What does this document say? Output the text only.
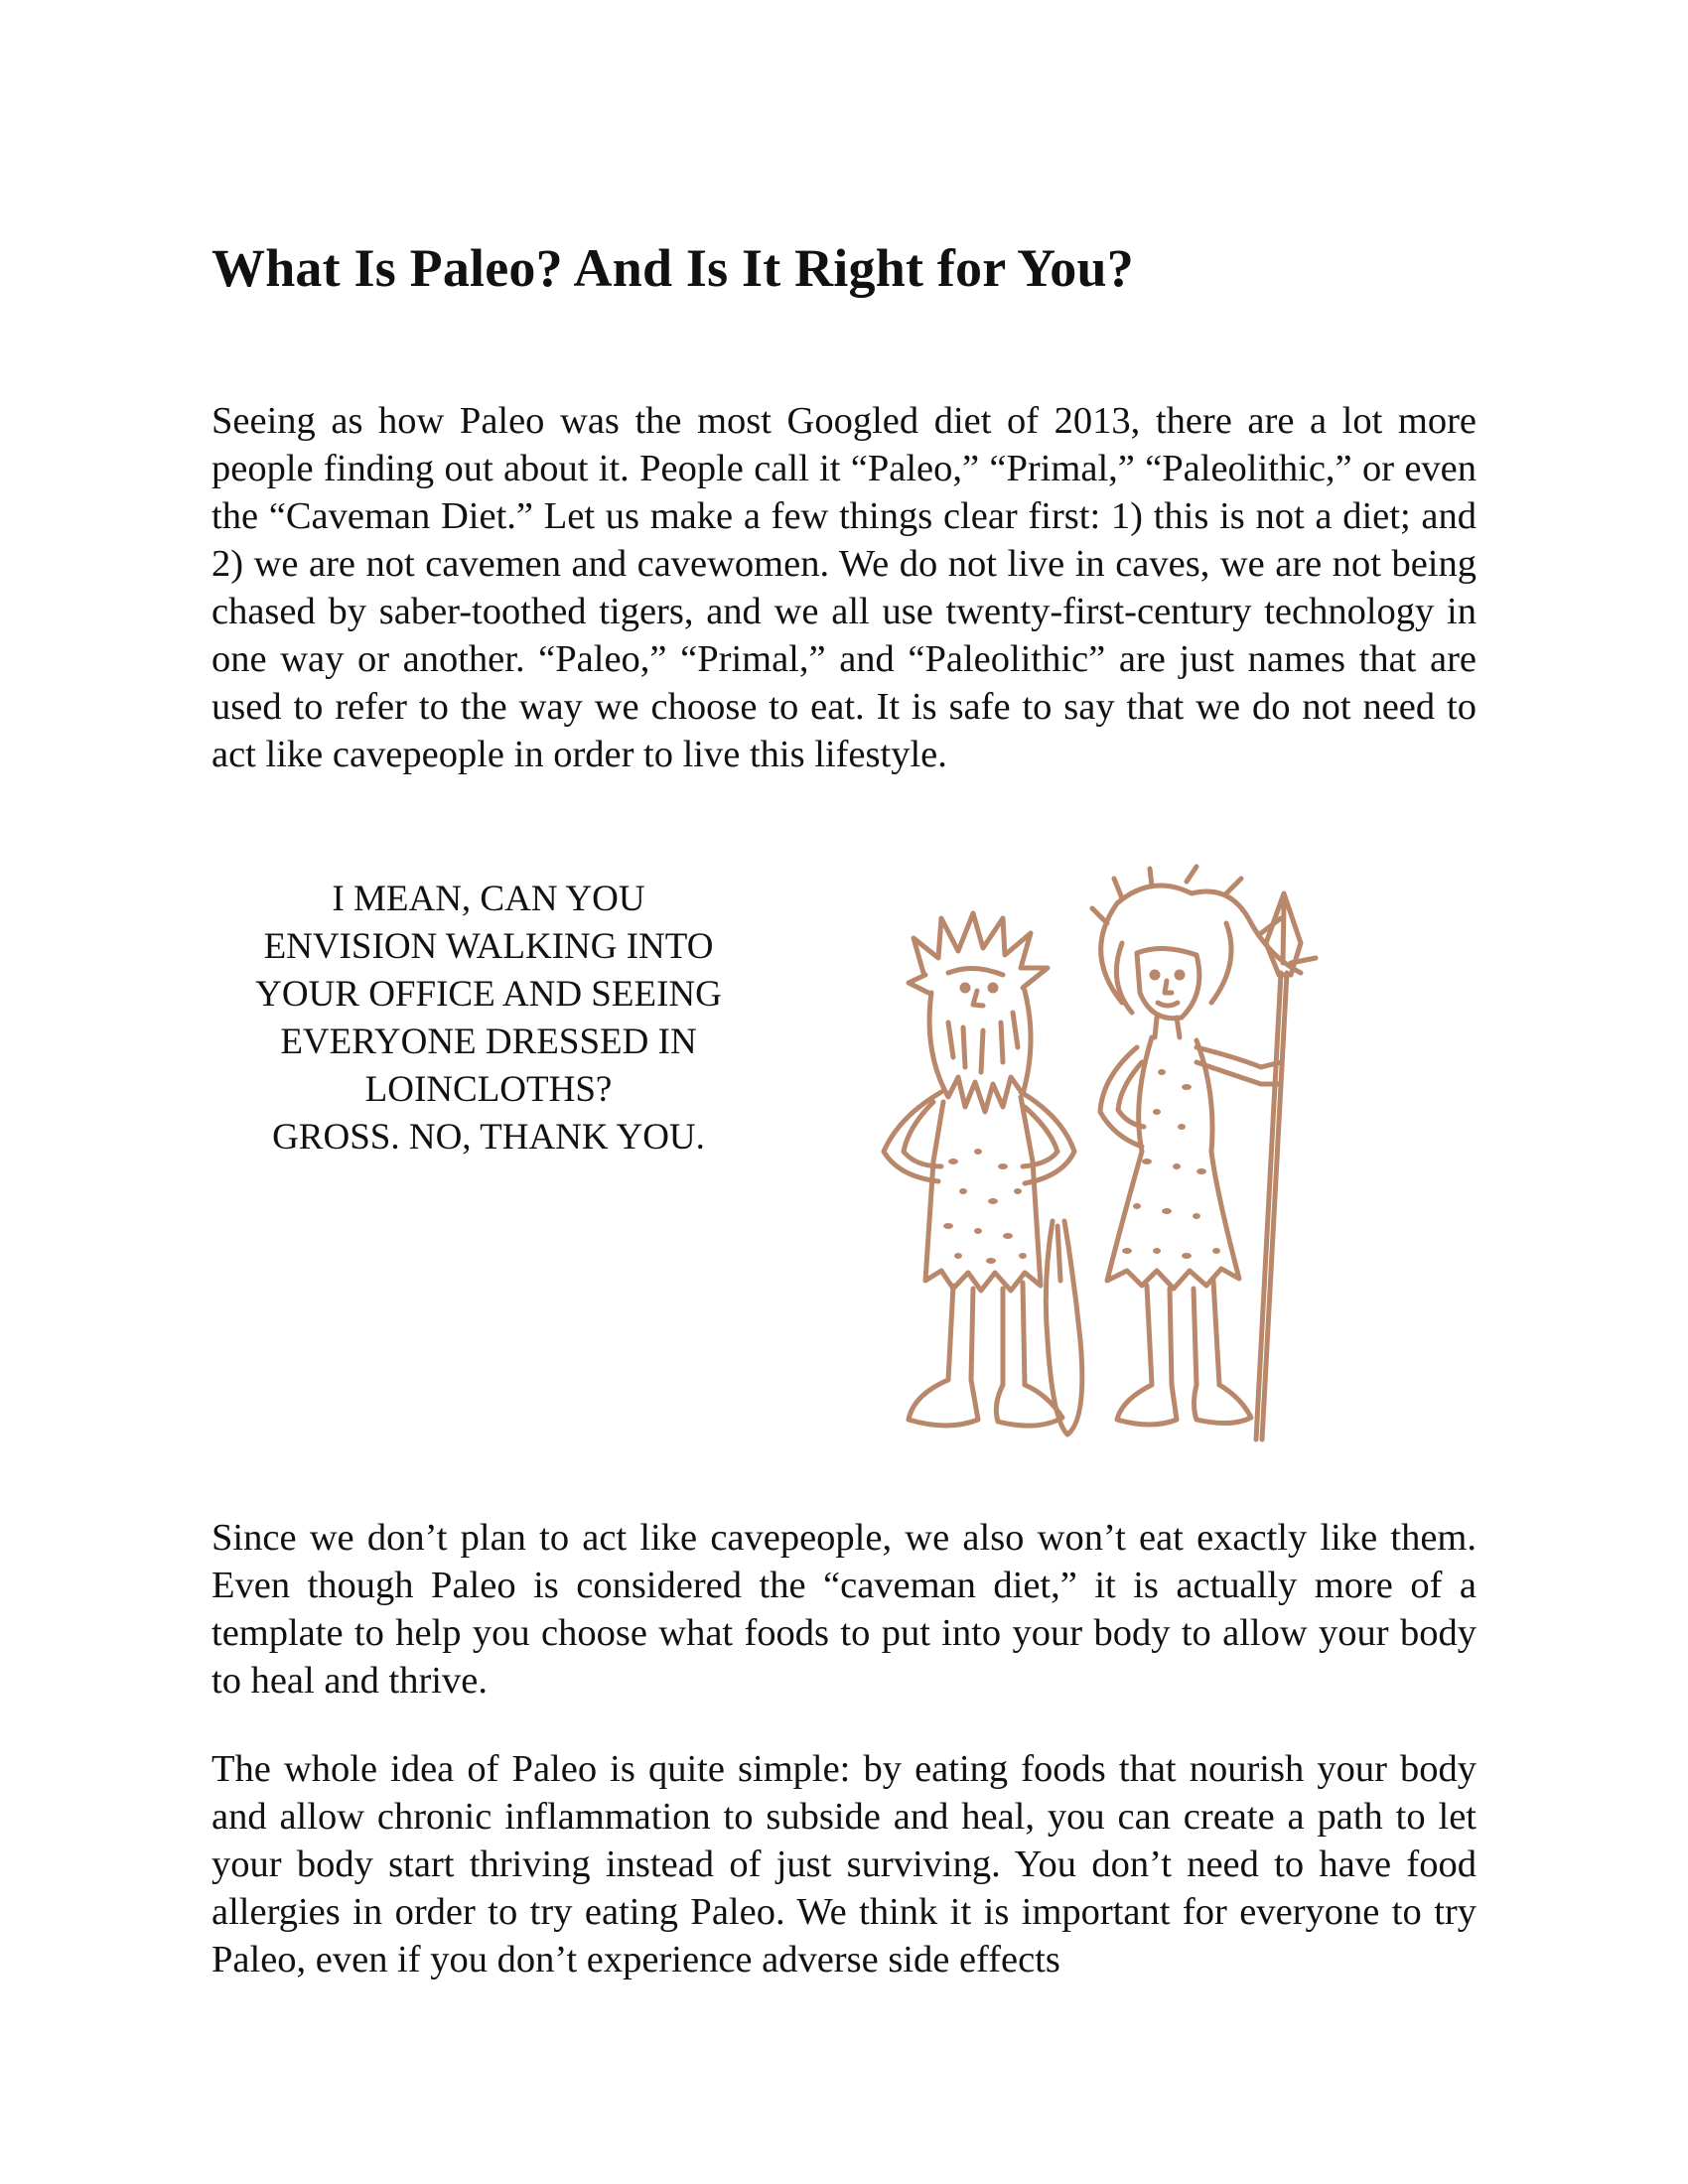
What Is Paleo? And Is It Right for You?

Seeing as how Paleo was the most Googled diet of 2013, there are a lot more people finding out about it. People call it “Paleo,” “Primal,” “Paleolithic,” or even the “Caveman Diet.” Let us make a few things clear first: 1) this is not a diet; and 2) we are not cavemen and cavewomen. We do not live in caves, we are not being chased by saber-toothed tigers, and we all use twenty-first-century technology in one way or another. “Paleo,” “Primal,” and “Paleolithic” are just names that are used to refer to the way we choose to eat. It is safe to say that we do not need to act like cavepeople in order to live this lifestyle.

I MEAN, CAN YOU
ENVISION WALKING INTO
YOUR OFFICE AND SEEING
EVERYONE DRESSED IN
LOINCLOTHS?
GROSS. NO, THANK YOU.

Since we don’t plan to act like cavepeople, we also won’t eat exactly like them. Even though Paleo is considered the “caveman diet,” it is actually more of a template to help you choose what foods to put into your body to allow your body to heal and thrive.

The whole idea of Paleo is quite simple: by eating foods that nourish your body and allow chronic inflammation to subside and heal, you can create a path to let your body start thriving instead of just surviving. You don’t need to have food allergies in order to try eating Paleo. We think it is important for everyone to try Paleo, even if you don’t experience adverse side effects
